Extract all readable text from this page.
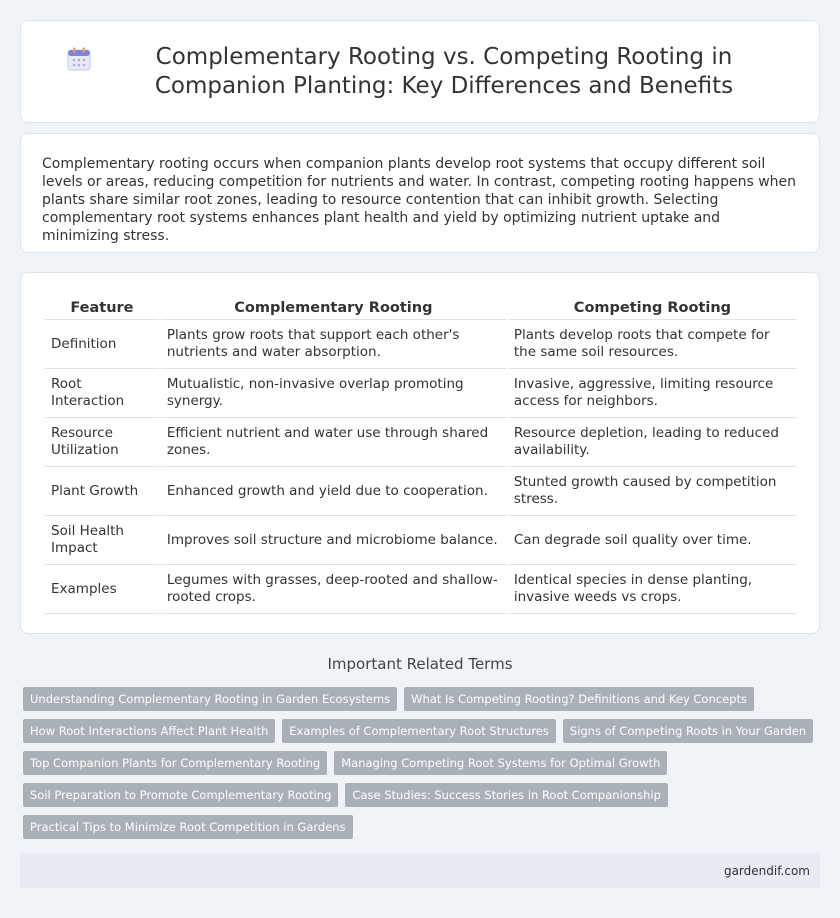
Complementary Rooting vs. Competing Rooting in Companion Planting: Key Differences and Benefits

Complementary rooting occurs when companion plants develop root systems that occupy different soil levels or areas, reducing competition for nutrients and water. In contrast, competing rooting happens when plants share similar root zones, leading to resource contention that can inhibit growth. Selecting complementary root systems enhances plant health and yield by optimizing nutrient uptake and minimizing stress.

Feature	Complementary Rooting	Competing Rooting
Definition	Plants grow roots that support each other's nutrients and water absorption.	Plants develop roots that compete for the same soil resources.
Root Interaction	Mutualistic, non-invasive overlap promoting synergy.	Invasive, aggressive, limiting resource access for neighbors.
Resource Utilization	Efficient nutrient and water use through shared zones.	Resource depletion, leading to reduced availability.
Plant Growth	Enhanced growth and yield due to cooperation.	Stunted growth caused by competition stress.
Soil Health Impact	Improves soil structure and microbiome balance.	Can degrade soil quality over time.
Examples	Legumes with grasses, deep-rooted and shallow-rooted crops.	Identical species in dense planting, invasive weeds vs crops.
Important Related Terms
Understanding Complementary Rooting in Garden Ecosystems	What Is Competing Rooting? Definitions and Key Concepts
How Root Interactions Affect Plant Health	Examples of Complementary Root Structures	Signs of Competing Roots in Your Garden
Top Companion Plants for Complementary Rooting	Managing Competing Root Systems for Optimal Growth
Soil Preparation to Promote Complementary Rooting	Case Studies: Success Stories in Root Companionship
Practical Tips to Minimize Root Competition in Gardens
gardendif.com
